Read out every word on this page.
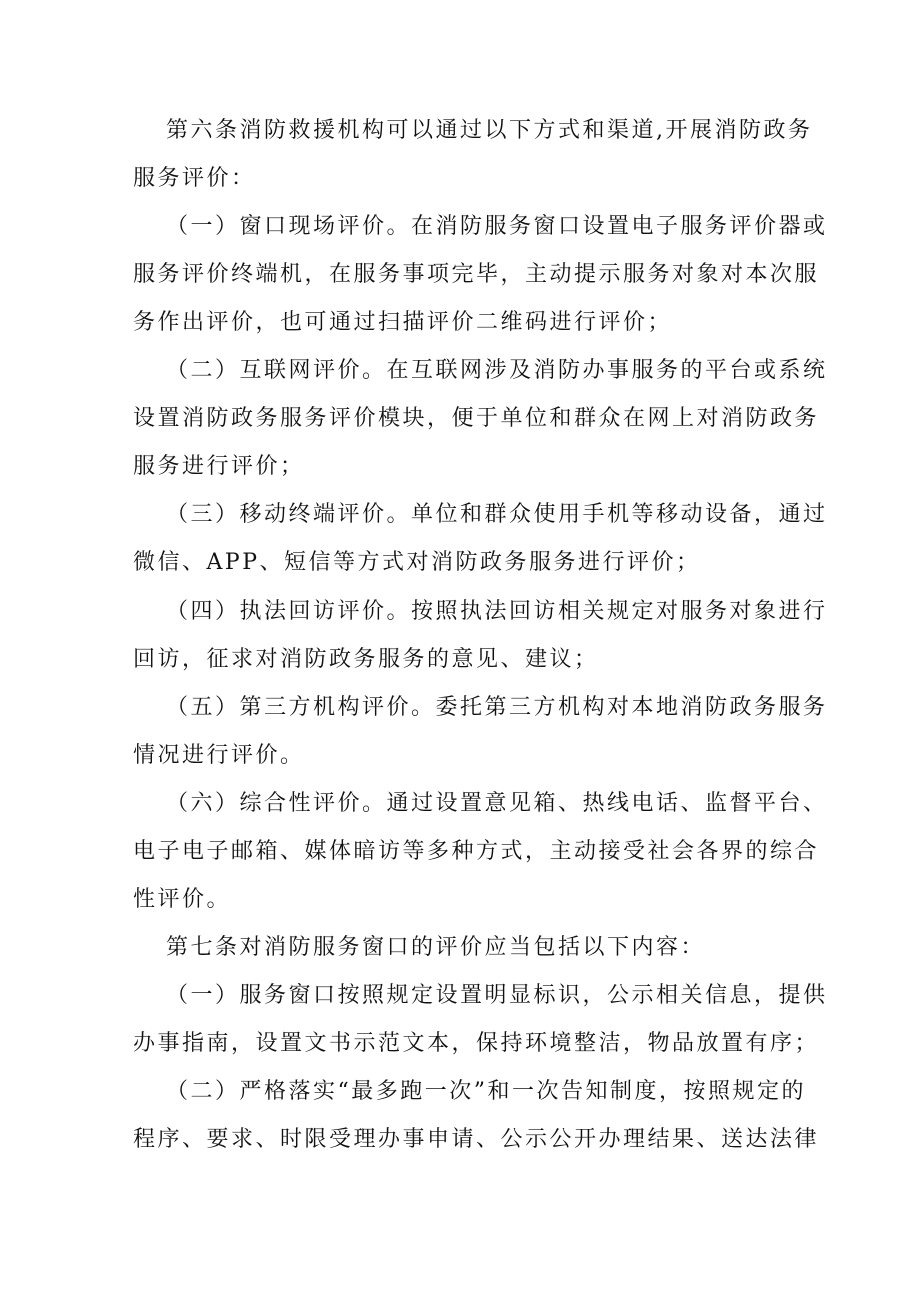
第六条消防救援机构可以通过以下方式和渠道,开展消防政务
服务评价：
（一）窗口现场评价。在消防服务窗口设置电子服务评价器或
服务评价终端机，在服务事项完毕，主动提示服务对象对本次服
务作出评价，也可通过扫描评价二维码进行评价；
（二）互联网评价。在互联网涉及消防办事服务的平台或系统
设置消防政务服务评价模块，便于单位和群众在网上对消防政务
服务进行评价；
（三）移动终端评价。单位和群众使用手机等移动设备，通过
微信、APP、短信等方式对消防政务服务进行评价；
（四）执法回访评价。按照执法回访相关规定对服务对象进行
回访，征求对消防政务服务的意见、建议；
（五）第三方机构评价。委托第三方机构对本地消防政务服务
情况进行评价。
（六）综合性评价。通过设置意见箱、热线电话、监督平台、
电子电子邮箱、媒体暗访等多种方式，主动接受社会各界的综合
性评价。
第七条对消防服务窗口的评价应当包括以下内容：
（一）服务窗口按照规定设置明显标识，公示相关信息，提供
办事指南，设置文书示范文本，保持环境整洁，物品放置有序；
（二）严格落实“最多跑一次”和一次告知制度，按照规定的
程序、要求、时限受理办事申请、公示公开办理结果、送达法律
